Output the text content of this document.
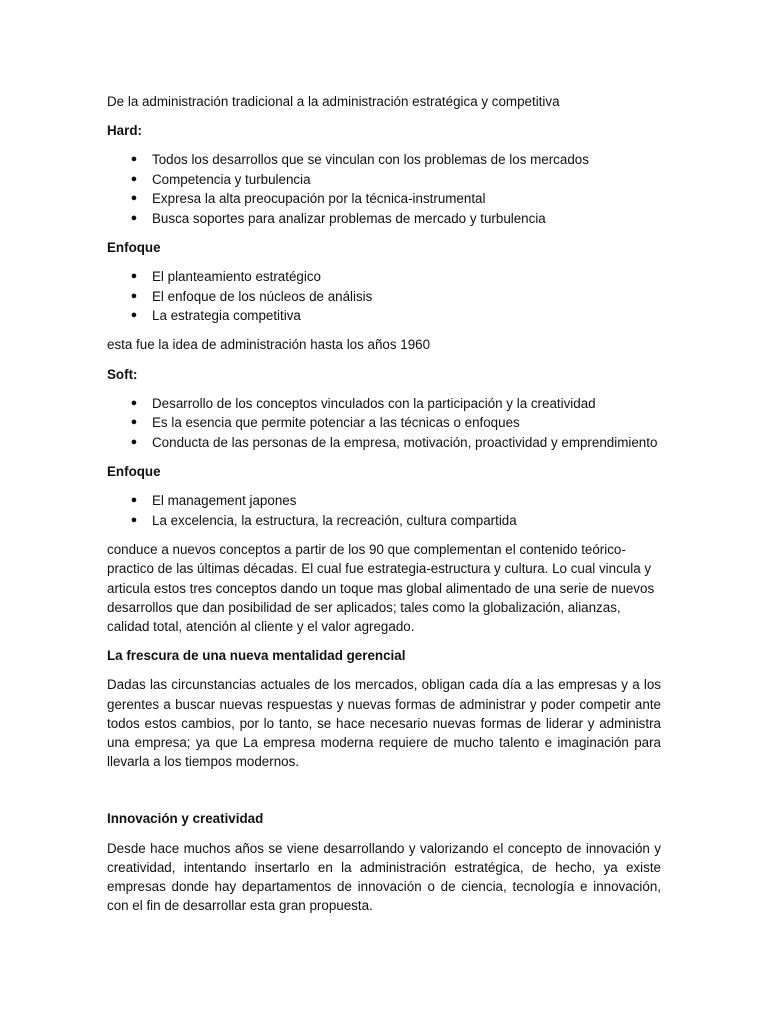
De la administración tradicional a la administración estratégica y competitiva

Hard:

● Todos los desarrollos que se vinculan con los problemas de los mercados
● Competencia y turbulencia
● Expresa la alta preocupación por la técnica-instrumental
● Busca soportes para analizar problemas de mercado y turbulencia

Enfoque

● El planteamiento estratégico
● El enfoque de los núcleos de análisis
● La estrategia competitiva

esta fue la idea de administración hasta los años 1960

Soft:

● Desarrollo de los conceptos vinculados con la participación y la creatividad
● Es la esencia que permite potenciar a las técnicas o enfoques
● Conducta de las personas de la empresa, motivación, proactividad y emprendimiento

Enfoque

● El management japones
● La excelencia, la estructura, la recreación, cultura compartida

conduce a nuevos conceptos a partir de los 90 que complementan el contenido teórico-practico de las últimas décadas. El cual fue estrategia-estructura y cultura. Lo cual vincula y articula estos tres conceptos dando un toque mas global alimentado de una serie de nuevos desarrollos que dan posibilidad de ser aplicados; tales como la globalización, alianzas, calidad total, atención al cliente y el valor agregado.

La frescura de una nueva mentalidad gerencial

Dadas las circunstancias actuales de los mercados, obligan cada día a las empresas y a los gerentes a buscar nuevas respuestas y nuevas formas de administrar y poder competir ante todos estos cambios, por lo tanto, se hace necesario nuevas formas de liderar y administra una empresa; ya que La empresa moderna requiere de mucho talento e imaginación para llevarla a los tiempos modernos.

Innovación y creatividad

Desde hace muchos años se viene desarrollando y valorizando el concepto de innovación y creatividad, intentando insertarlo en la administración estratégica, de hecho, ya existe empresas donde hay departamentos de innovación o de ciencia, tecnología e innovación, con el fin de desarrollar esta gran propuesta.
